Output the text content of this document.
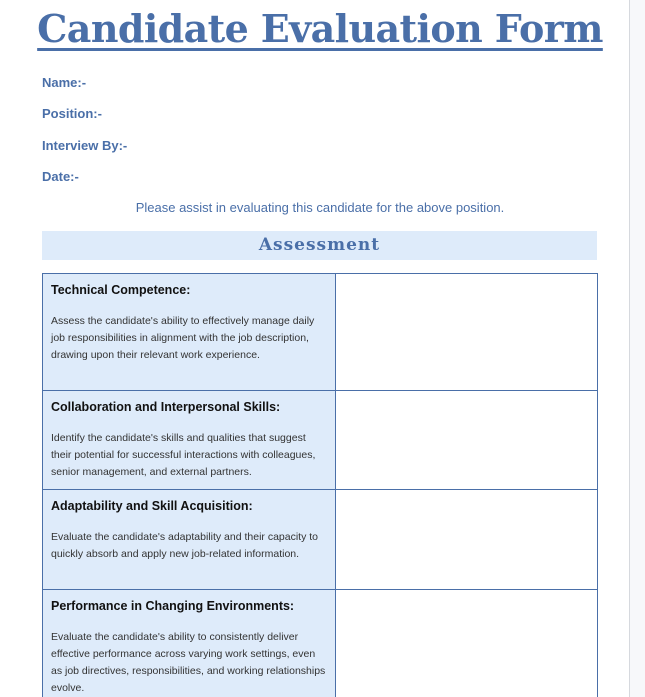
Candidate Evaluation Form
Name:-
Position:-
Interview By:-
Date:-
Please assist in evaluating this candidate for the above position.
Assessment

Technical Competence:

Assess the candidate's ability to effectively manage daily job responsibilities in alignment with the job description, drawing upon their relevant work experience.

Collaboration and Interpersonal Skills:

Identify the candidate's skills and qualities that suggest their potential for successful interactions with colleagues, senior management, and external partners.

Adaptability and Skill Acquisition:

Evaluate the candidate's adaptability and their capacity to quickly absorb and apply new job-related information.

Performance in Changing Environments:

Evaluate the candidate's ability to consistently deliver effective performance across varying work settings, even as job directives, responsibilities, and working relationships evolve.
